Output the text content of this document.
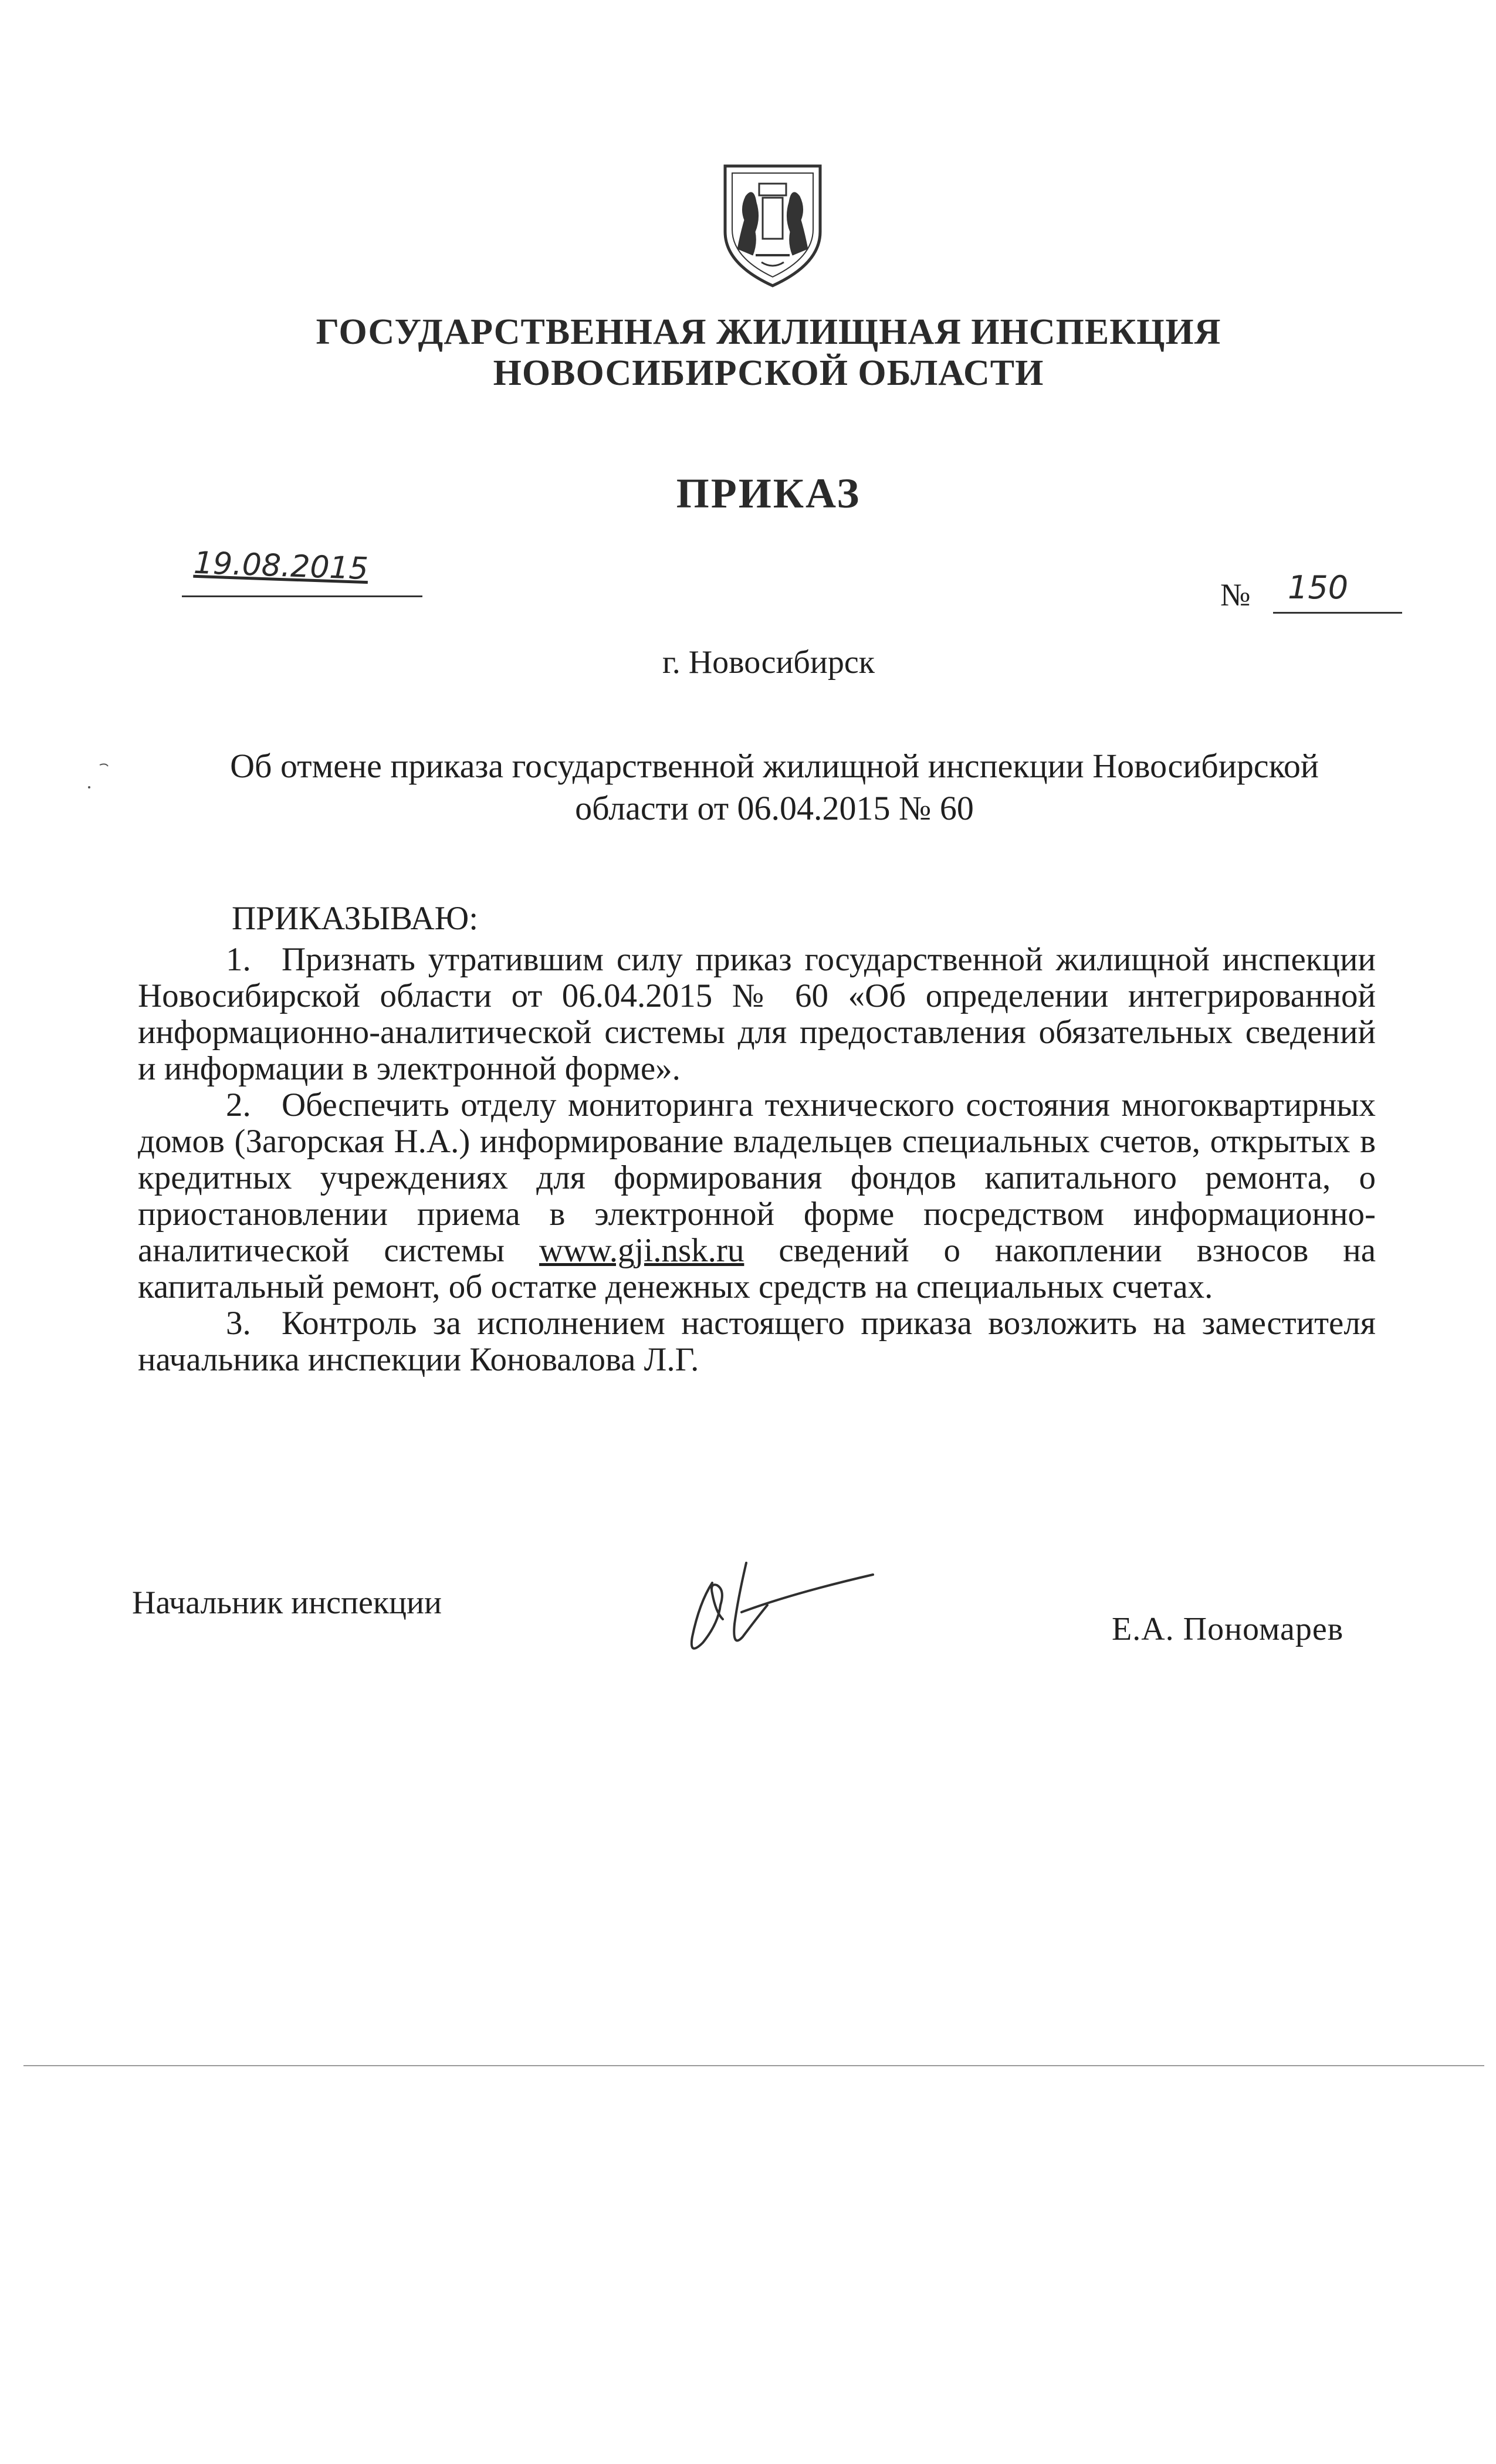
ГОСУДАРСТВЕННАЯ ЖИЛИЩНАЯ ИНСПЕКЦИЯ
НОВОСИБИРСКОЙ ОБЛАСТИ
ПРИКАЗ
19.08.2015
№ 150
г. Новосибирск
Об отмене приказа государственной жилищной инспекции Новосибирской области от 06.04.2015 № 60

ПРИКАЗЫВАЮ:

1. Признать утратившим силу приказ государственной жилищной инспекции Новосибирской области от 06.04.2015 № 60 «Об определении интегрированной информационно-аналитической системы для предоставления обязательных сведений и информации в электронной форме».

2. Обеспечить отделу мониторинга технического состояния многоквартирных домов (Загорская Н.А.) информирование владельцев специальных счетов, открытых в кредитных учреждениях для формирования фондов капитального ремонта, о приостановлении приема в электронной форме посредством информационно-аналитической системы www.gji.nsk.ru сведений о накоплении взносов на капитальный ремонт, об остатке денежных средств на специальных счетах.

3. Контроль за исполнением настоящего приказа возложить на заместителя начальника инспекции Коновалова Л.Г.

Начальник инспекции
Е.А. Пономарев
